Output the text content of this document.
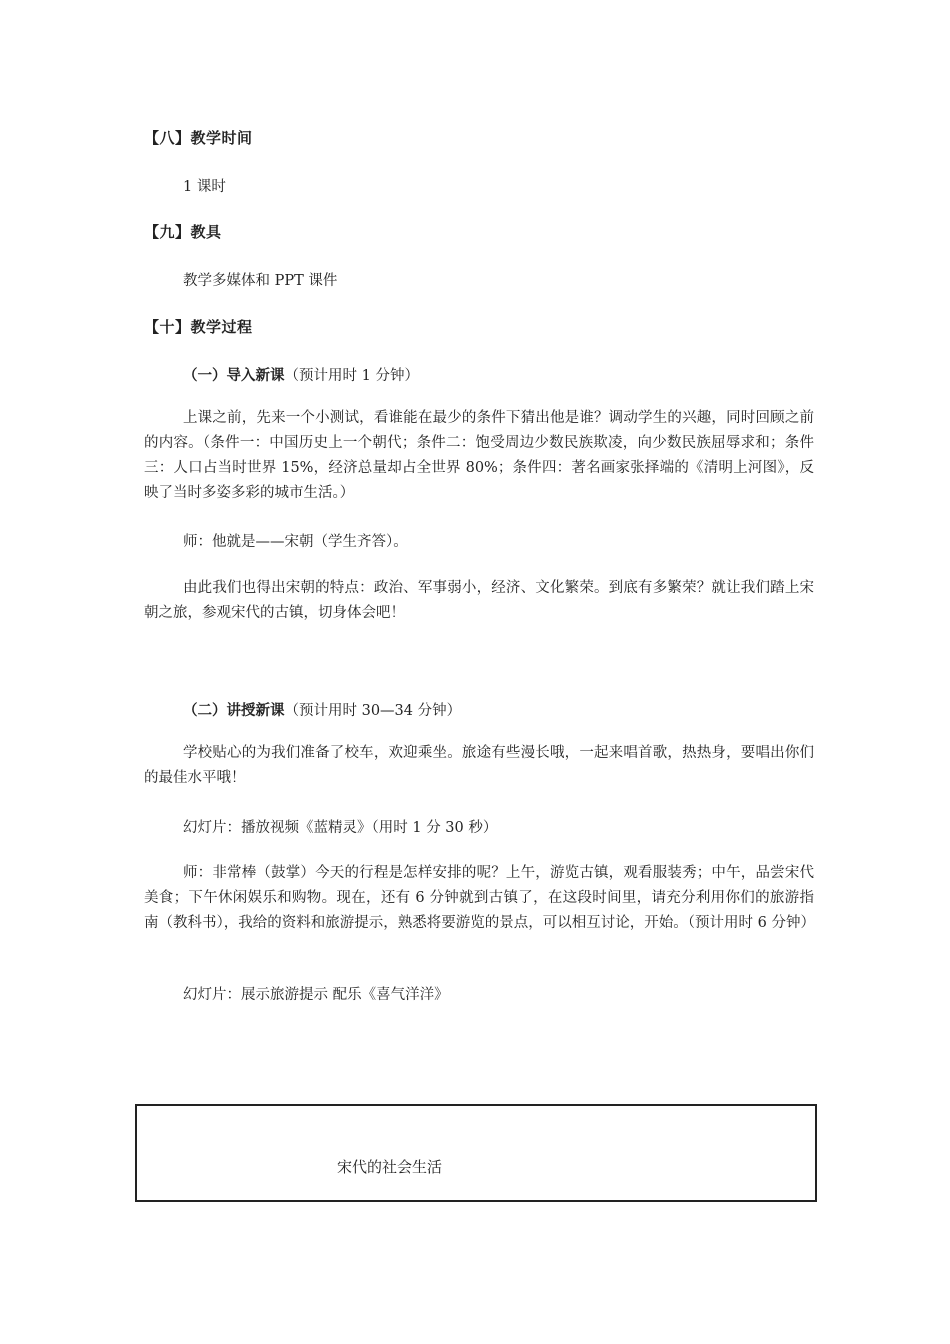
【八】教学时间
1 课时
【九】教具
教学多媒体和 PPT 课件
【十】教学过程
（一）导入新课（预计用时 1 分钟）
上课之前，先来一个小测试，看谁能在最少的条件下猜出他是谁？调动学生的兴趣，同时回顾之前的内容。（条件一：中国历史上一个朝代；条件二：饱受周边少数民族欺凌，向少数民族屈辱求和；条件三：人口占当时世界 15%，经济总量却占全世界 80%；条件四：著名画家张择端的《清明上河图》，反映了当时多姿多彩的城市生活。）
师：他就是——宋朝（学生齐答）。
由此我们也得出宋朝的特点：政治、军事弱小，经济、文化繁荣。到底有多繁荣？就让我们踏上宋朝之旅，参观宋代的古镇，切身体会吧！
（二）讲授新课（预计用时 30—34 分钟）
学校贴心的为我们准备了校车，欢迎乘坐。旅途有些漫长哦，一起来唱首歌，热热身，要唱出你们的最佳水平哦！
幻灯片：播放视频《蓝精灵》（用时 1 分 30 秒）
师：非常棒（鼓掌）今天的行程是怎样安排的呢？上午，游览古镇，观看服装秀；中午，品尝宋代美食；下午休闲娱乐和购物。现在，还有 6 分钟就到古镇了，在这段时间里，请充分利用你们的旅游指南（教科书），我给的资料和旅游提示，熟悉将要游览的景点，可以相互讨论，开始。（预计用时 6 分钟）
幻灯片：展示旅游提示 配乐《喜气洋洋》
宋代的社会生活
